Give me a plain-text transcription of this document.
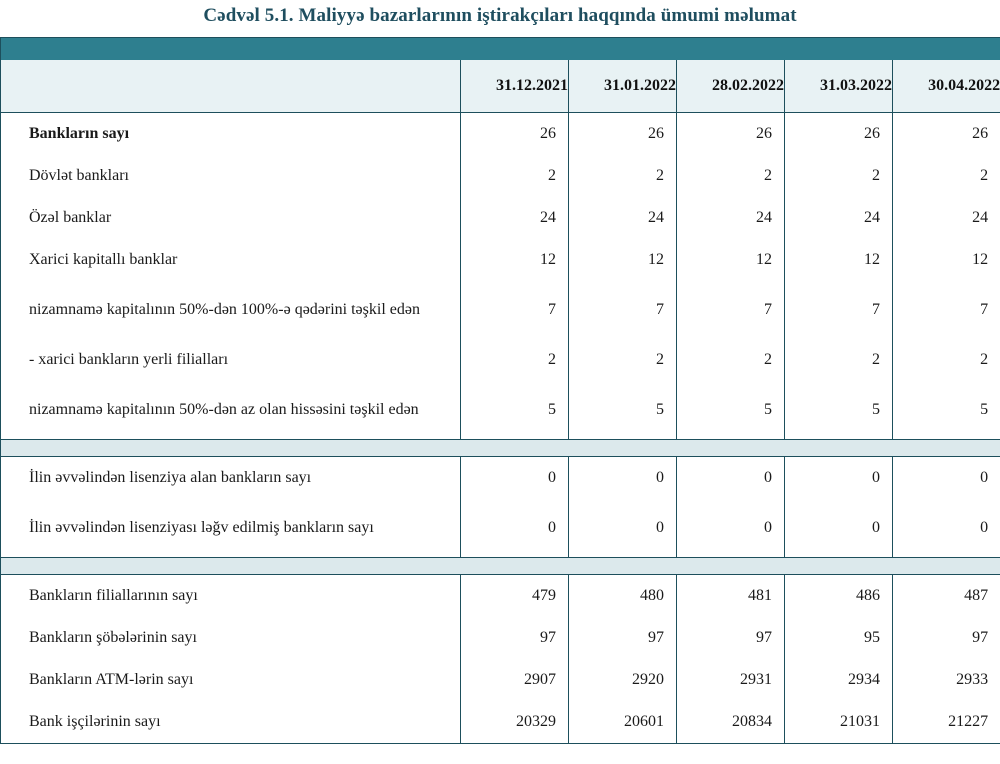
Cədvəl 5.1. Maliyyə bazarlarının iştirakçıları haqqında ümumi məlumat

	31.12.2021	31.01.2022	28.02.2022	31.03.2022	30.04.2022
Bankların sayı	26	26	26	26	26
Dövlət bankları	2	2	2	2	2
Özəl banklar	24	24	24	24	24
Xarici kapitallı banklar	12	12	12	12	12
nizamnamə kapitalının 50%-dən 100%-ə qədərini təşkil edən	7	7	7	7	7
- xarici bankların yerli filialları	2	2	2	2	2
nizamnamə kapitalının 50%-dən az olan hissəsini təşkil edən	5	5	5	5	5

İlin əvvəlindən lisenziya alan bankların sayı	0	0	0	0	0
İlin əvvəlindən lisenziyası ləğv edilmiş bankların sayı	0	0	0	0	0

Bankların filiallarının sayı	479	480	481	486	487
Bankların şöbələrinin sayı	97	97	97	95	97
Bankların ATM-lərin sayı	2907	2920	2931	2934	2933
Bank işçilərinin sayı	20329	20601	20834	21031	21227
